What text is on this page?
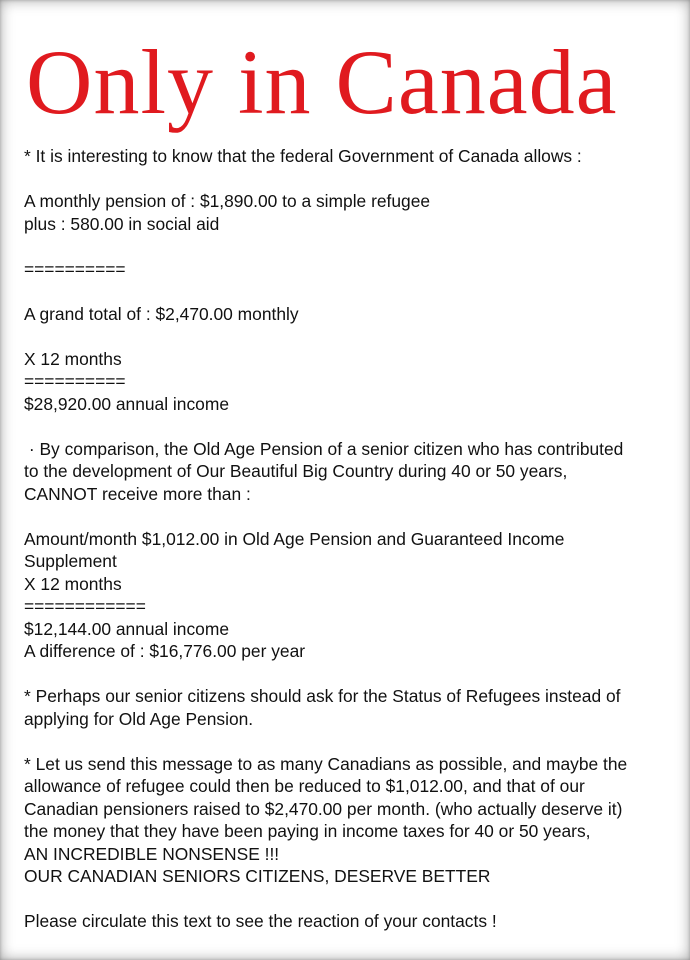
Only in Canada
* It is interesting to know that the federal Government of Canada allows :
A monthly pension of : $1,890.00 to a simple refugee
plus : 580.00 in social aid
==========
A grand total of : $2,470.00 monthly
X 12 months
==========
$28,920.00 annual income
· By comparison, the Old Age Pension of a senior citizen who has contributed
to the development of Our Beautiful Big Country during 40 or 50 years,
CANNOT receive more than :
Amount/month $1,012.00 in Old Age Pension and Guaranteed Income
Supplement
X 12 months
============
$12,144.00 annual income
A difference of : $16,776.00 per year
* Perhaps our senior citizens should ask for the Status of Refugees instead of
applying for Old Age Pension.
* Let us send this message to as many Canadians as possible, and maybe the
allowance of refugee could then be reduced to $1,012.00, and that of our
Canadian pensioners raised to $2,470.00 per month. (who actually deserve it)
the money that they have been paying in income taxes for 40 or 50 years,
AN INCREDIBLE NONSENSE !!!
OUR CANADIAN SENIORS CITIZENS, DESERVE BETTER
Please circulate this text to see the reaction of your contacts !
